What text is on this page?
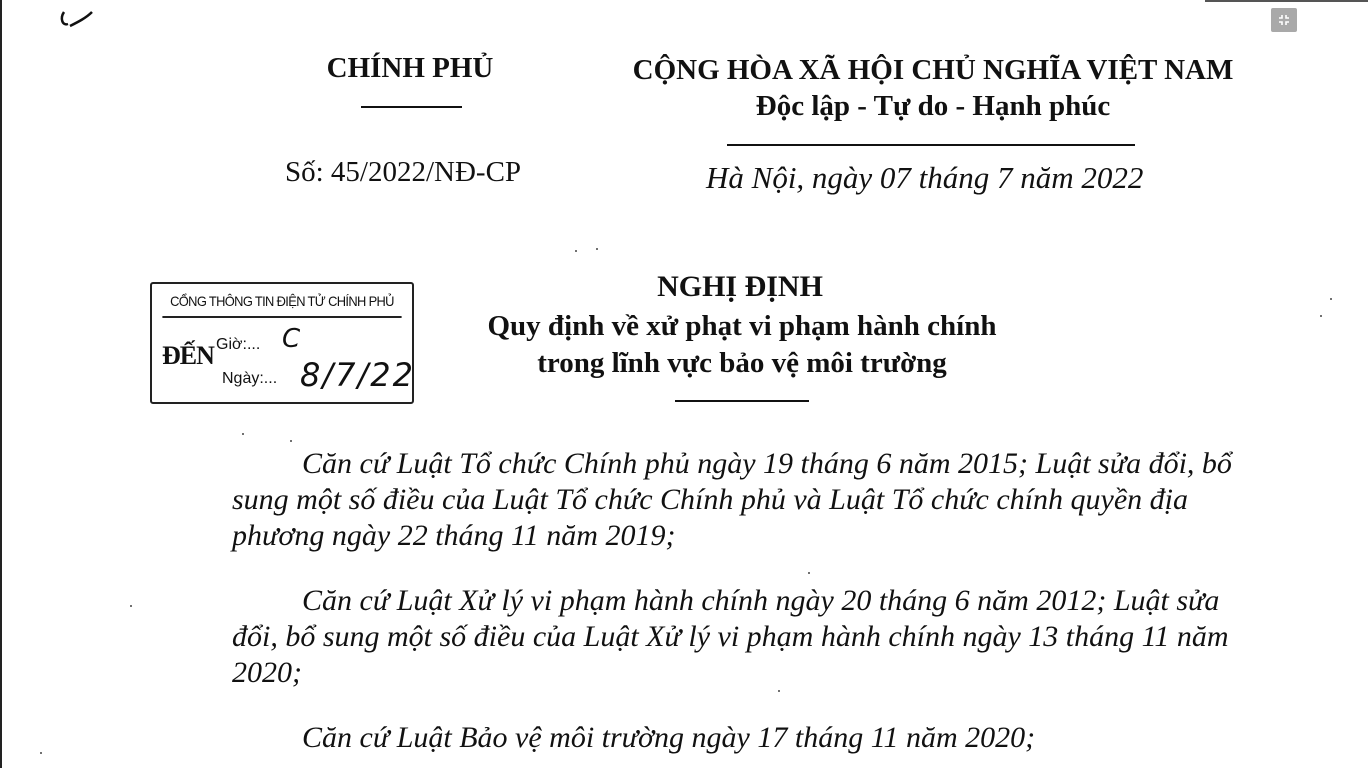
CHÍNH PHỦ	CỘNG HÒA XÃ HỘI CHỦ NGHĨA VIỆT NAM
Độc lập - Tự do - Hạnh phúc
Số: 45/2022/NĐ-CP	Hà Nội, ngày 07 tháng 7 năm 2022
CỔNG THÔNG TIN ĐIỆN TỬ CHÍNH PHỦ
ĐẾN Giờ:... C
Ngày:... 8/7/22
NGHỊ ĐỊNH
Quy định về xử phạt vi phạm hành chính
trong lĩnh vực bảo vệ môi trường

Căn cứ Luật Tổ chức Chính phủ ngày 19 tháng 6 năm 2015; Luật sửa đổi, bổ sung một số điều của Luật Tổ chức Chính phủ và Luật Tổ chức chính quyền địa phương ngày 22 tháng 11 năm 2019;

Căn cứ Luật Xử lý vi phạm hành chính ngày 20 tháng 6 năm 2012; Luật sửa đổi, bổ sung một số điều của Luật Xử lý vi phạm hành chính ngày 13 tháng 11 năm 2020;

Căn cứ Luật Bảo vệ môi trường ngày 17 tháng 11 năm 2020;
